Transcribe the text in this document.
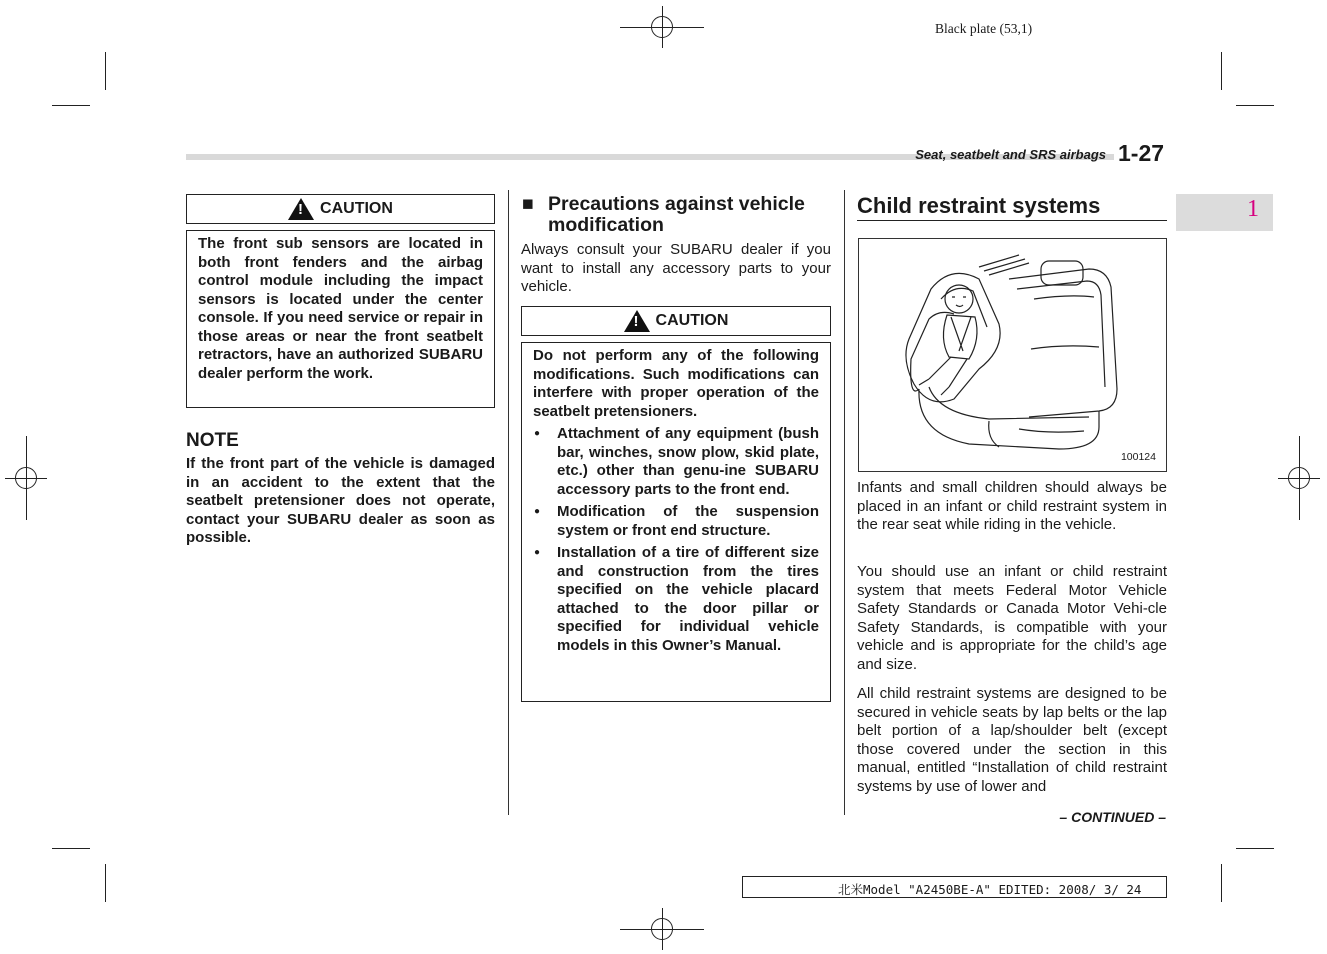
Black plate (53,1)
Seat, seatbelt and SRS airbags 1-27
1
!
CAUTION

The front sub sensors are located in both front fenders and the airbag control module including the impact sensors is located under the center console. If you need service or repair in those areas or near the front seatbelt retractors, have an authorized SUBARU dealer perform the work.

NOTE

If the front part of the vehicle is damaged in an accident to the extent that the seatbelt pretensioner does not operate, contact your SUBARU dealer as soon as possible.

■ Precautions against vehicle
modification

Always consult your SUBARU dealer if you want to install any accessory parts to your vehicle.

!
CAUTION

Do not perform any of the following modifications. Such modifications can interfere with proper operation of the seatbelt pretensioners.

● Attachment of any equipment (bush bar, winches, snow plow, skid plate, etc.) other than genu-ine SUBARU accessory parts to the front end.
● Modification of the suspension system or front end structure.
● Installation of a tire of different size and construction from the tires specified on the vehicle placard attached to the door pillar or specified for individual vehicle models in this Owner’s Manual.
Child restraint systems
100124

Infants and small children should always be placed in an infant or child restraint system in the rear seat while riding in the vehicle.

You should use an infant or child restraint system that meets Federal Motor Vehicle Safety Standards or Canada Motor Vehi-cle Safety Standards, is compatible with your vehicle and is appropriate for the child’s age and size.

All child restraint systems are designed to be secured in vehicle seats by lap belts or the lap belt portion of a lap/shoulder belt (except those covered under the section in this manual, entitled “Installation of child restraint systems by use of lower and

– CONTINUED –
北米Model "A2450BE-A" EDITED: 2008/ 3/ 24
